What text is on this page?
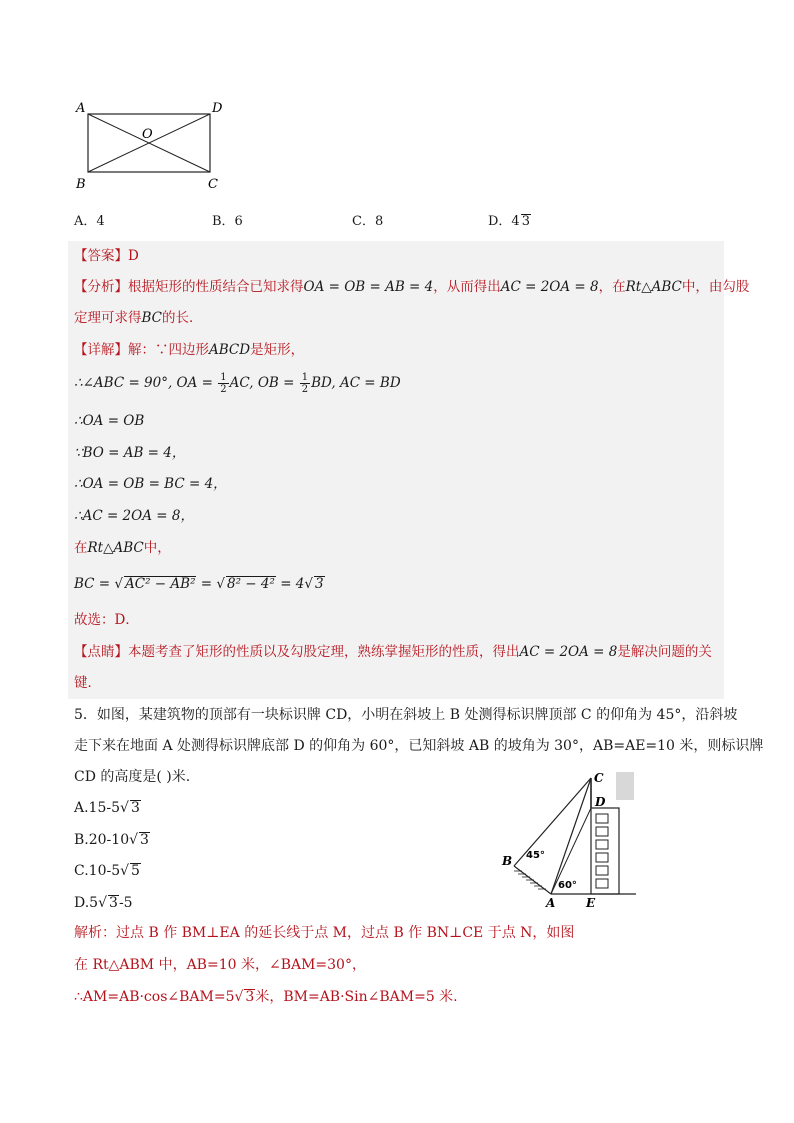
A	D
O
B	C
A．4	B．6	C．8	D．4 3
【答案】D
【分析】根据矩形的性质结合已知求得OA = OB = AB = 4，从而得出AC = 2OA = 8，在Rt△ABC中，由勾股
定理可求得BC的长．
【详解】解：∵四边形ABCD是矩形，
∴∠ABC = 90°, OA = $\frac{1}{2}$ AC, OB = $\frac{1}{2}$ BD, AC = BD
∴OA = OB
∵BO = AB = 4，
∴OA = OB = BC = 4，
∴AC = 2OA = 8，
在Rt△ABC中，
BC = √ AC² − AB² = √ 8² − 4² = 4√ 3
故选：D．
【点睛】本题考查了矩形的性质以及勾股定理，熟练掌握矩形的性质，得出AC = 2OA = 8是解决问题的关
键．
5．如图，某建筑物的顶部有一块标识牌 CD，小明在斜坡上 B 处测得标识牌顶部 C 的仰角为 45°，沿斜坡
走下来在地面 A 处测得标识牌底部 D 的仰角为 60°，已知斜坡 AB 的坡角为 30°，AB=AE=10 米，则标识牌
CD 的高度是( )米.
A.15-5√ 3
B.20-10√ 3
C.10-5√ 5
D.5√ 3-5
C
D
B
A	E
45°
60°
解析：过点 B 作 BM⊥EA 的延长线于点 M，过点 B 作 BN⊥CE 于点 N，如图
在 Rt△ABM 中，AB=10 米，∠BAM=30°，
∴AM=AB·cos∠BAM=5√ 3米，BM=AB·Sin∠BAM=5 米.
